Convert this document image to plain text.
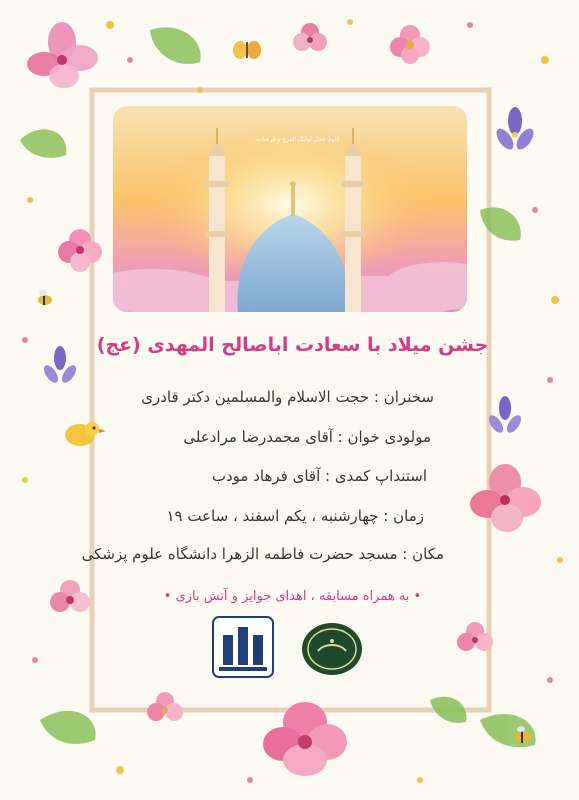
اللهم عجل لولیک الفرج و فرجنا به
جشن میلاد با سعادت اباصالح المهدی (عج)
سخنران : حجت الاسلام والمسلمین دکتر قادری
مولودی خوان : آقای محمدرضا مرادعلی
استنداپ کمدی : آقای فرهاد مودب
زمان : چهارشنبه ، یکم اسفند ، ساعت ۱۹
مکان : مسجد حضرت فاطمه الزهرا دانشگاه علوم پزشکی
• به همراه مسابقه ، اهدای جوایز و آتش بازی •
